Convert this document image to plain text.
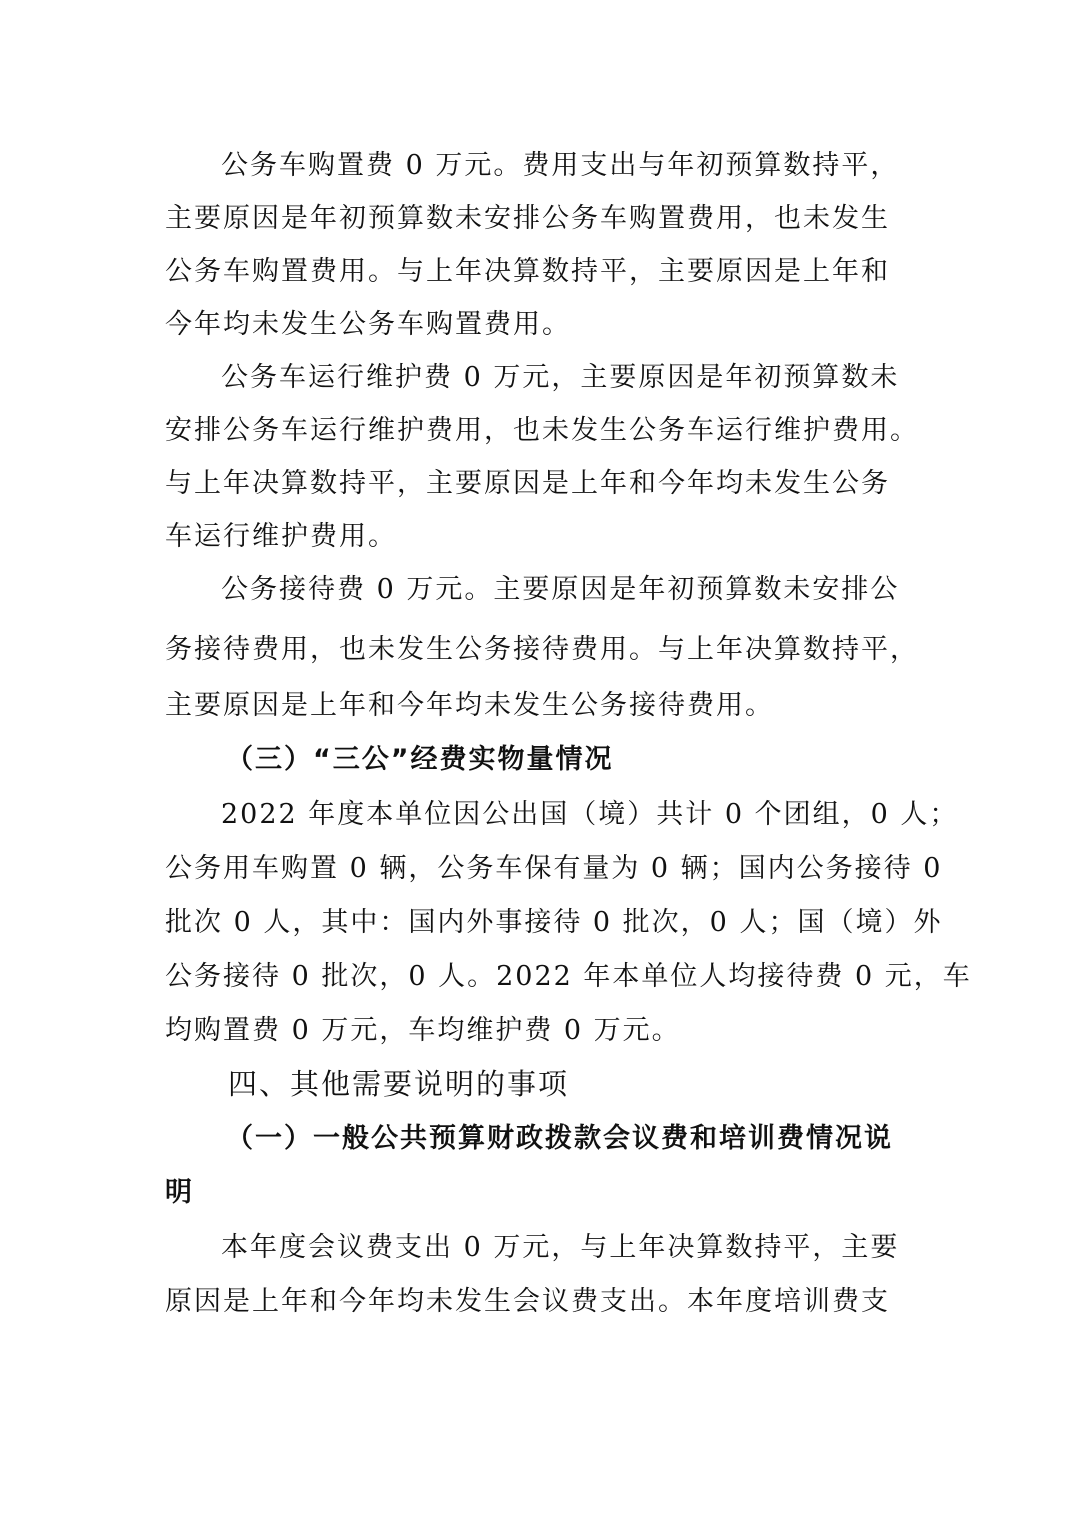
公务车购置费 0 万元。费用支出与年初预算数持平，
主要原因是年初预算数未安排公务车购置费用，也未发生
公务车购置费用。与上年决算数持平，主要原因是上年和
今年均未发生公务车购置费用。
公务车运行维护费 0 万元，主要原因是年初预算数未
安排公务车运行维护费用，也未发生公务车运行维护费用。
与上年决算数持平，主要原因是上年和今年均未发生公务
车运行维护费用。
公务接待费 0 万元。主要原因是年初预算数未安排公
务接待费用，也未发生公务接待费用。与上年决算数持平，
主要原因是上年和今年均未发生公务接待费用。
（三）“三公”经费实物量情况
2022 年度本单位因公出国（境）共计 0 个团组，0 人；
公务用车购置 0 辆，公务车保有量为 0 辆；国内公务接待 0
批次 0 人，其中：国内外事接待 0 批次，0 人；国（境）外
公务接待 0 批次，0 人。2022 年本单位人均接待费 0 元，车
均购置费 0 万元，车均维护费 0 万元。
四、其他需要说明的事项
（一）一般公共预算财政拨款会议费和培训费情况说
明
本年度会议费支出 0 万元，与上年决算数持平，主要
原因是上年和今年均未发生会议费支出。本年度培训费支
